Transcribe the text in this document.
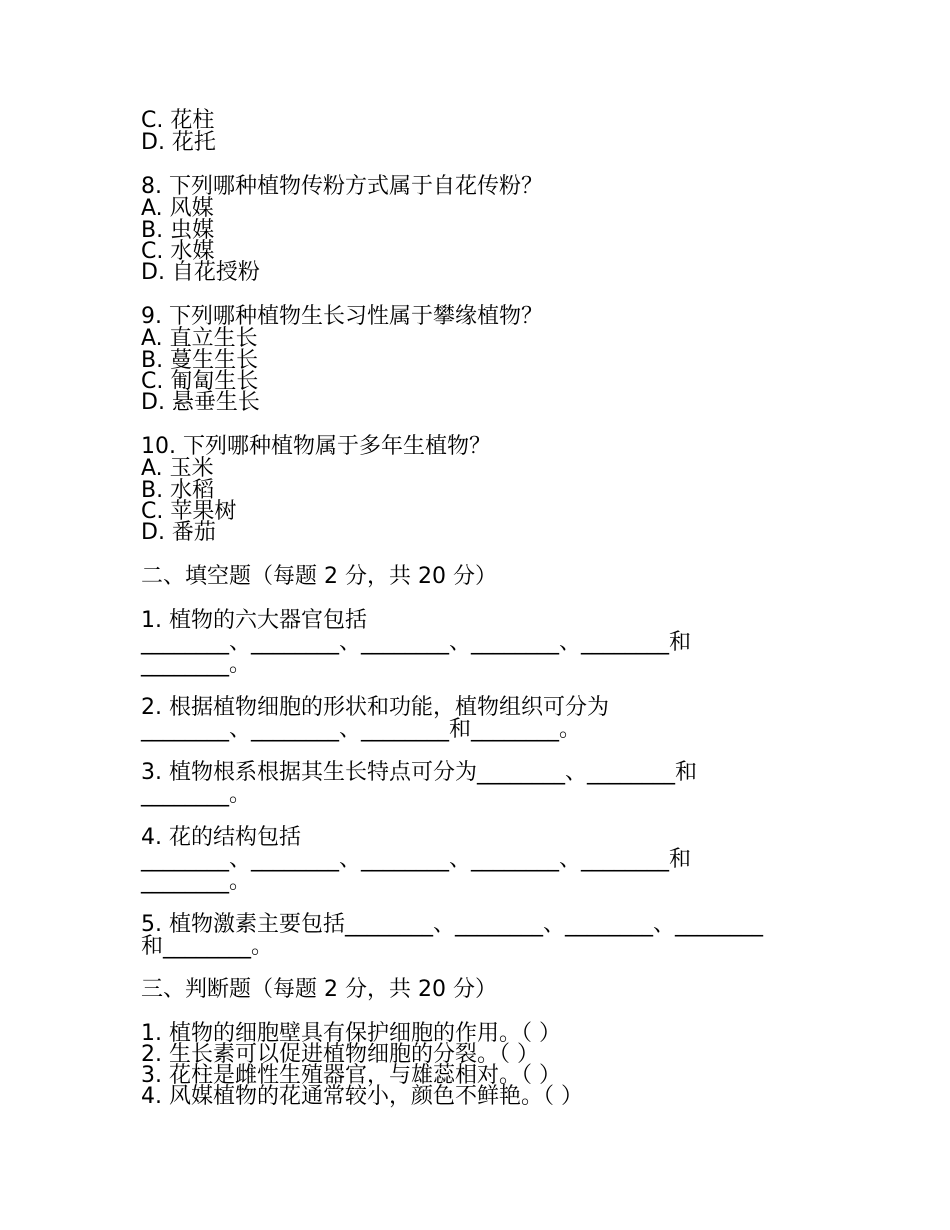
C. 花柱
D. 花托
8. 下列哪种植物传粉方式属于自花传粉？
A. 风媒
B. 虫媒
C. 水媒
D. 自花授粉
9. 下列哪种植物生长习性属于攀缘植物？
A. 直立生长
B. 蔓生生长
C. 匍匐生长
D. 悬垂生长
10. 下列哪种植物属于多年生植物？
A. 玉米
B. 水稻
C. 苹果树
D. 番茄
二、填空题（每题 2 分，共 20 分）
1. 植物的六大器官包括
________、________、________、________、________和
________。
2. 根据植物细胞的形状和功能，植物组织可分为
________、________、________和________。
3. 植物根系根据其生长特点可分为________、________和
________。
4. 花的结构包括
________、________、________、________、________和
________。
5. 植物激素主要包括________、________、________、________
和________。
三、判断题（每题 2 分，共 20 分）
1. 植物的细胞壁具有保护细胞的作用。（ ）
2. 生长素可以促进植物细胞的分裂。（ ）
3. 花柱是雌性生殖器官，与雄蕊相对。（ ）
4. 风媒植物的花通常较小，颜色不鲜艳。（ ）
